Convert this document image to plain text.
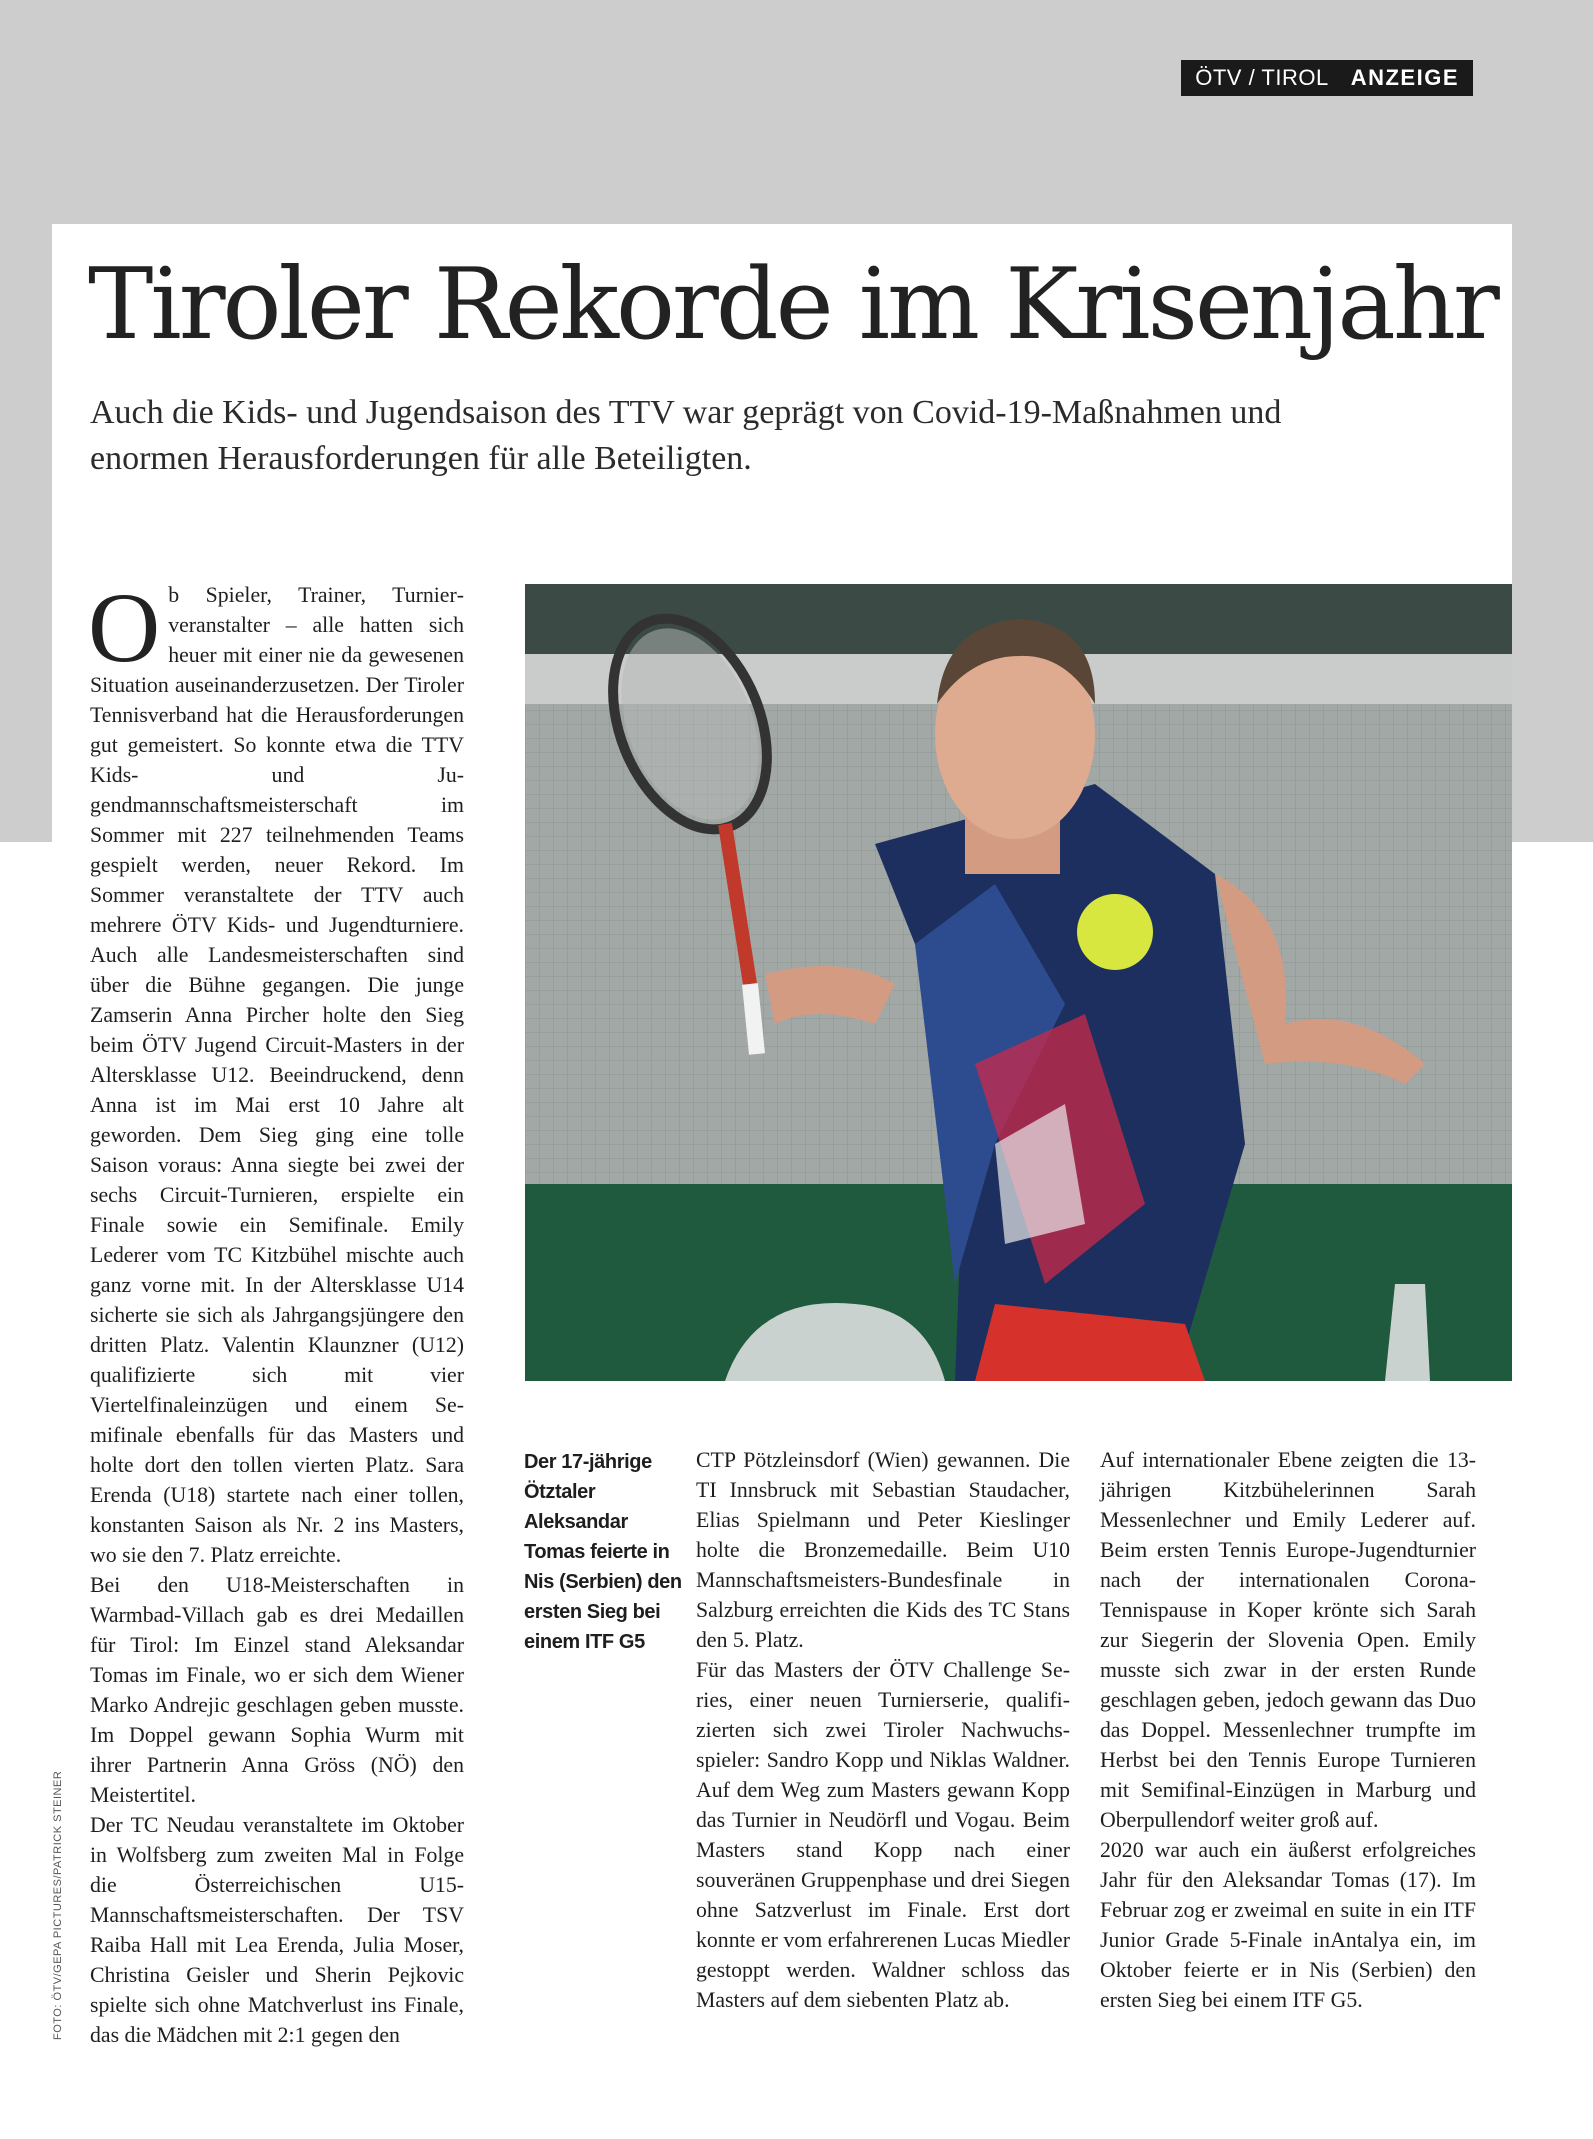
ÖTV / TIROL ANZEIGE
Tiroler Rekorde im Krisenjahr

Auch die Kids- und Jugendsaison des TTV war geprägt von Covid-19-Maßnahmen und enormen Herausforderungen für alle Beteiligten.

Ob Spieler, Trainer, Turnierveranstalter – alle hatten sich heuer mit einer nie da gewesenen Situation auseinanderzusetzen. Der Tiroler Tennisverband hat die Herausforderungen gut gemeistert. So konnte etwa die TTV Kids- und Jugendmannschaftsmeisterschaft im Sommer mit 227 teilnehmenden Teams gespielt werden, neuer Rekord. Im Sommer veranstaltete der TTV auch mehrere ÖTV Kids- und Jugendturniere. Auch alle Landesmeisterschaften sind über die Bühne gegangen. Die junge Zamserin Anna Pircher holte den Sieg beim ÖTV Jugend Circuit-Masters in der Altersklasse U12. Beeindruckend, denn Anna ist im Mai erst 10 Jahre alt geworden. Dem Sieg ging eine tolle Saison voraus: Anna siegte bei zwei der sechs Circuit-Turnieren, erspielte ein Finale sowie ein Semifinale. Emily Lederer vom TC Kitzbühel mischte auch ganz vorne mit. In der Altersklasse U14 sicherte sie sich als Jahrgangsjüngere den dritten Platz. Valentin Klaunzner (U12) qualifizierte sich mit vier Viertelfinaleinzügen und einem Semifinale ebenfalls für das Masters und holte dort den tollen vierten Platz. Sara Erenda (U18) startete nach einer tollen, konstanten Saison als Nr. 2 ins Masters, wo sie den 7. Platz erreichte.

Bei den U18-Meisterschaften in Warmbad-Villach gab es drei Medaillen für Tirol: Im Einzel stand Aleksandar Tomas im Finale, wo er sich dem Wiener Marko Andrejic geschlagen geben musste. Im Doppel gewann Sophia Wurm mit ihrer Partnerin Anna Gröss (NÖ) den Meistertitel.

Der TC Neudau veranstaltete im Oktober in Wolfsberg zum zweiten Mal in Folge die Österreichischen U15-Mannschaftsmeisterschaften. Der TSV Raiba Hall mit Lea Erenda, Julia Moser, Christina Geisler und Sherin Pejkovic spielte sich ohne Matchverlust ins Finale, das die Mädchen mit 2:1 gegen den

Der 17-jährige Ötztaler Aleksandar Tomas feierte in Nis (Serbien) den ersten Sieg bei einem ITF G5

CTP Pötzleinsdorf (Wien) gewannen. Die TI Innsbruck mit Sebastian Staudacher, Elias Spielmann und Peter Kieslinger holte die Bronzemedaille. Beim U10 Mannschaftsmeisters-Bundesfinale in Salzburg erreichten die Kids des TC Stans den 5. Platz.

Für das Masters der ÖTV Challenge Series, einer neuen Turnierserie, qualifizierten sich zwei Tiroler Nachwuchsspieler: Sandro Kopp und Niklas Waldner. Auf dem Weg zum Masters gewann Kopp das Turnier in Neudörfl und Vogau. Beim Masters stand Kopp nach einer souveränen Gruppenphase und drei Siegen ohne Satzverlust im Finale. Erst dort konnte er vom erfahrerenen Lucas Miedler gestoppt werden. Waldner schloss das Masters auf dem siebenten Platz ab.

Auf internationaler Ebene zeigten die 13-jährigen Kitzbühelerinnen Sarah Messenlechner und Emily Lederer auf. Beim ersten Tennis Europe-Jugendturnier nach der internationalen Corona-Tennispause in Koper krönte sich Sarah zur Siegerin der Slovenia Open. Emily musste sich zwar in der ersten Runde geschlagen geben, jedoch gewann das Duo das Doppel. Messenlechner trumpfte im Herbst bei den Tennis Europe Turnieren mit Semifinal-Einzügen in Marburg und Oberpullendorf weiter groß auf.

2020 war auch ein äußerst erfolgreiches Jahr für den Aleksandar Tomas (17). Im Februar zog er zweimal en suite in ein ITF Junior Grade 5-Finale inAntalya ein, im Oktober feierte er in Nis (Serbien) den ersten Sieg bei einem ITF G5.

FOTO: ÖTV/GEPA PICTURES/PATRICK STEINER
